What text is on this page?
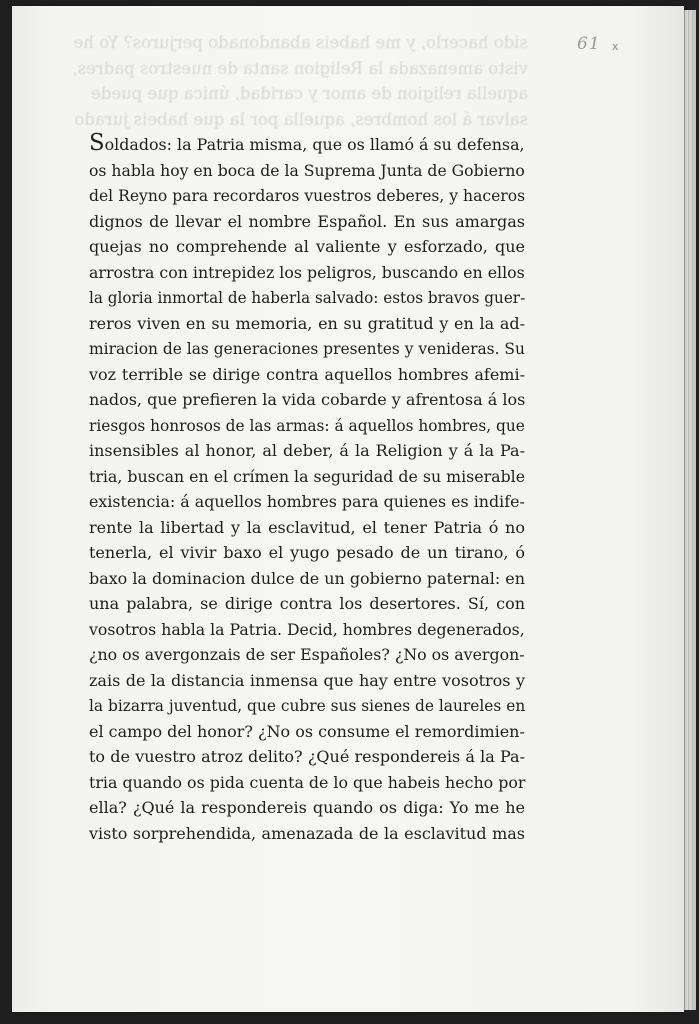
sido hacerlo, y me habeis abandonado perjuros? Yo he
visto amenazada la Religion santa de nuestros padres,
aquella religion de amor y caridad, única que puede
salvar á los hombres, aquella por la que habeis jurado
61 x
Soldados: la Patria misma, que os llamó á su defensa,
os habla hoy en boca de la Suprema Junta de Gobierno
del Reyno para recordaros vuestros deberes, y haceros
dignos de llevar el nombre Español. En sus amargas
quejas no comprehende al valiente y esforzado, que
arrostra con intrepidez los peligros, buscando en ellos
la gloria inmortal de haberla salvado: estos bravos guer-
reros viven en su memoria, en su gratitud y en la ad-
miracion de las generaciones presentes y venideras. Su
voz terrible se dirige contra aquellos hombres afemi-
nados, que prefieren la vida cobarde y afrentosa á los
riesgos honrosos de las armas: á aquellos hombres, que
insensibles al honor, al deber, á la Religion y á la Pa-
tria, buscan en el crímen la seguridad de su miserable
existencia: á aquellos hombres para quienes es indife-
rente la libertad y la esclavitud, el tener Patria ó no
tenerla, el vivir baxo el yugo pesado de un tirano, ó
baxo la dominacion dulce de un gobierno paternal: en
una palabra, se dirige contra los desertores. Sí, con
vosotros habla la Patria. Decid, hombres degenerados,
¿no os avergonzais de ser Españoles? ¿No os avergon-
zais de la distancia inmensa que hay entre vosotros y
la bizarra juventud, que cubre sus sienes de laureles en
el campo del honor? ¿No os consume el remordimien-
to de vuestro atroz delito? ¿Qué respondereis á la Pa-
tria quando os pida cuenta de lo que habeis hecho por
ella? ¿Qué la respondereis quando os diga: Yo me he
visto sorprehendida, amenazada de la esclavitud mas
